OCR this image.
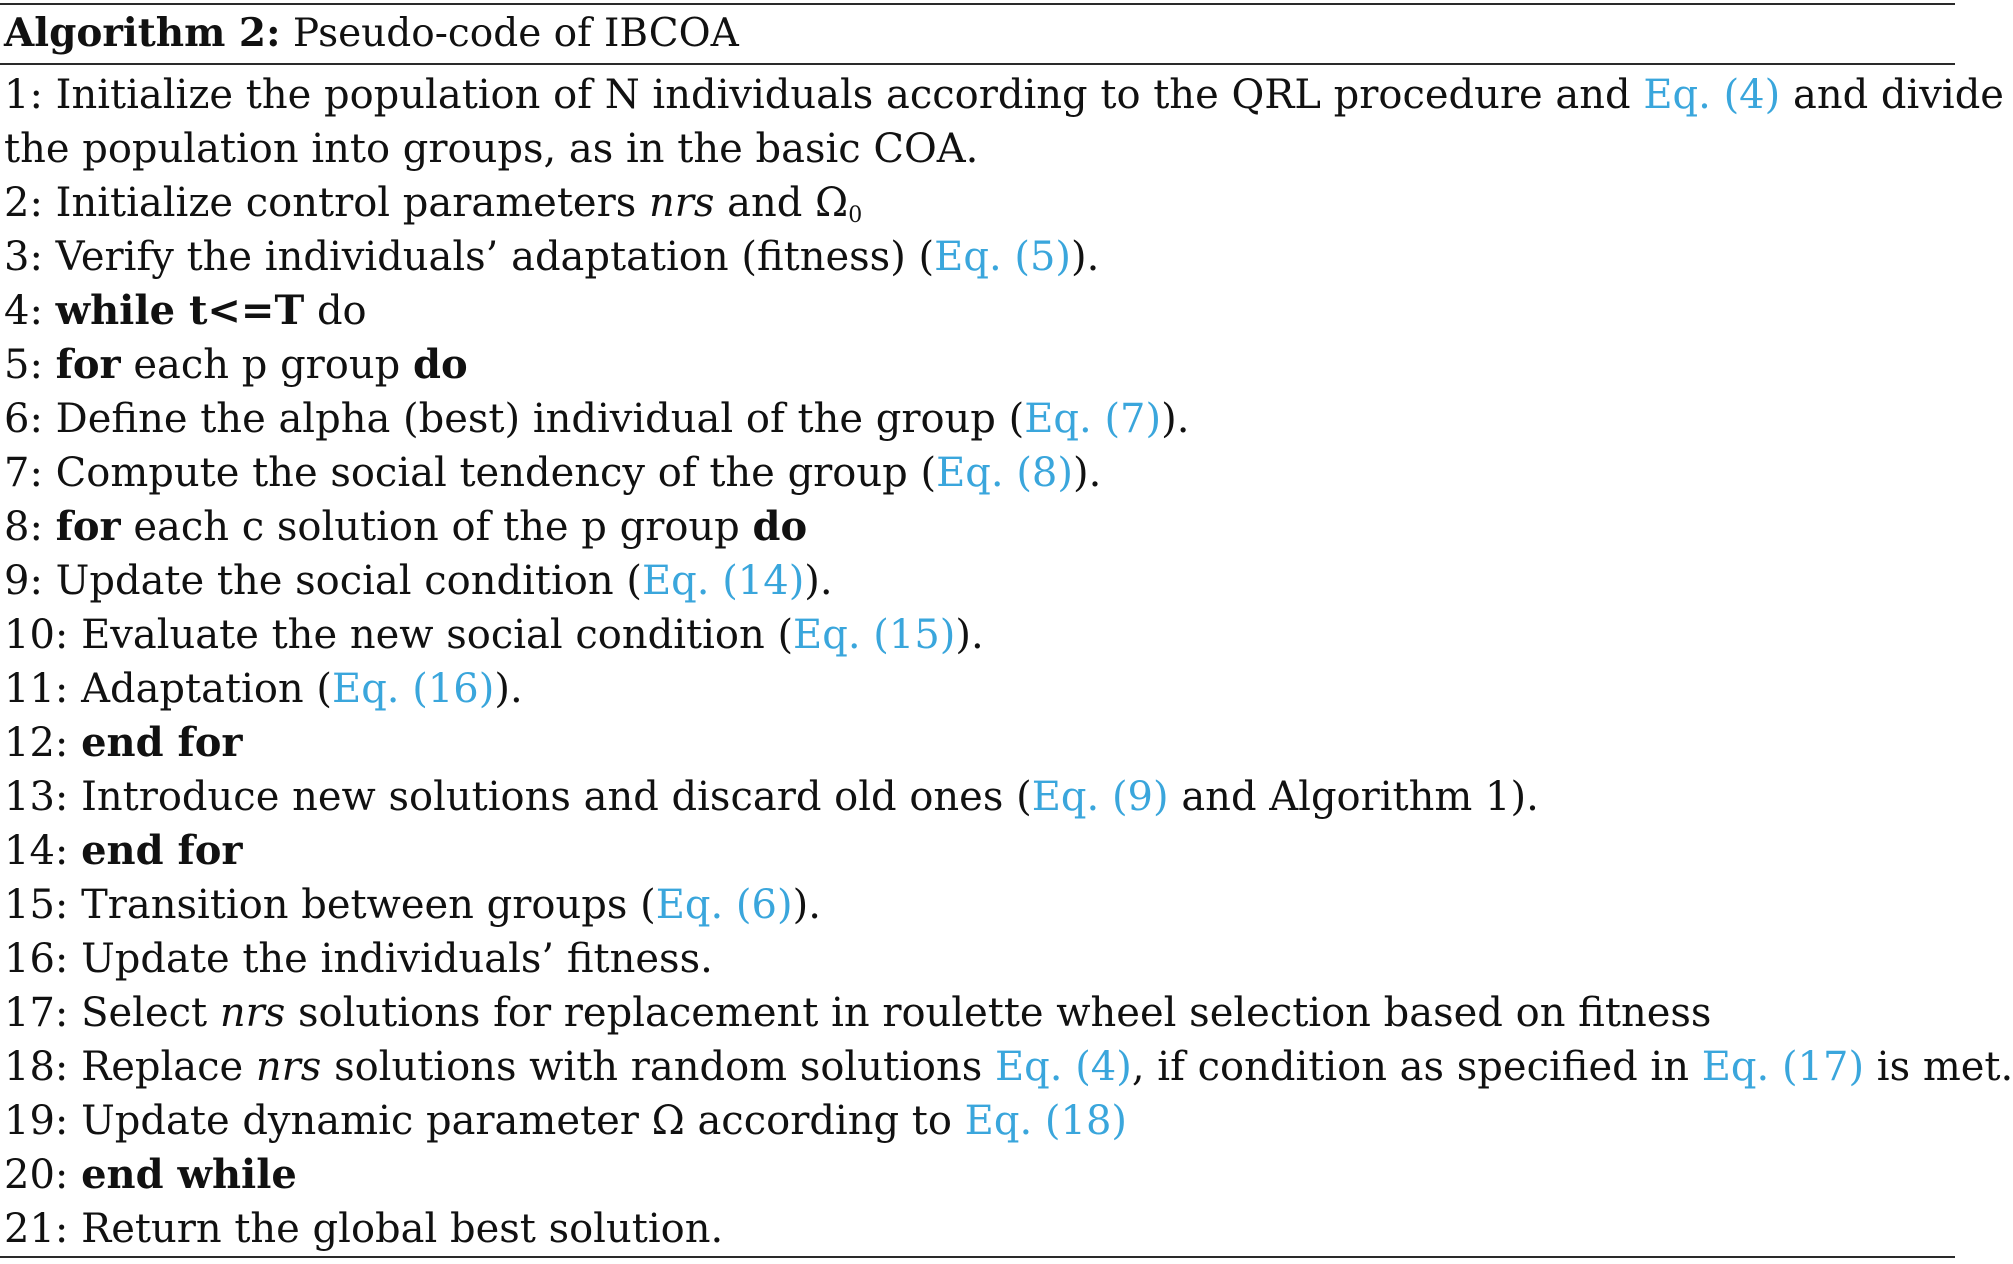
Algorithm 2: Pseudo-code of IBCOA
1: Initialize the population of N individuals according to the QRL procedure and Eq. (4) and divide
the population into groups, as in the basic COA.
2: Initialize control parameters nrs and $\Omega_0$
3: Verify the individuals’ adaptation (fitness) (Eq. (5)).
4: while t<=T do
5: for each p group do
6: Define the alpha (best) individual of the group (Eq. (7)).
7: Compute the social tendency of the group (Eq. (8)).
8: for each c solution of the p group do
9: Update the social condition (Eq. (14)).
10: Evaluate the new social condition (Eq. (15)).
11: Adaptation (Eq. (16)).
12: end for
13: Introduce new solutions and discard old ones (Eq. (9) and Algorithm 1).
14: end for
15: Transition between groups (Eq. (6)).
16: Update the individuals’ fitness.
17: Select nrs solutions for replacement in roulette wheel selection based on fitness
18: Replace nrs solutions with random solutions Eq. (4), if condition as specified in Eq. (17) is met.
19: Update dynamic parameter Ω according to Eq. (18)
20: end while
21: Return the global best solution.
